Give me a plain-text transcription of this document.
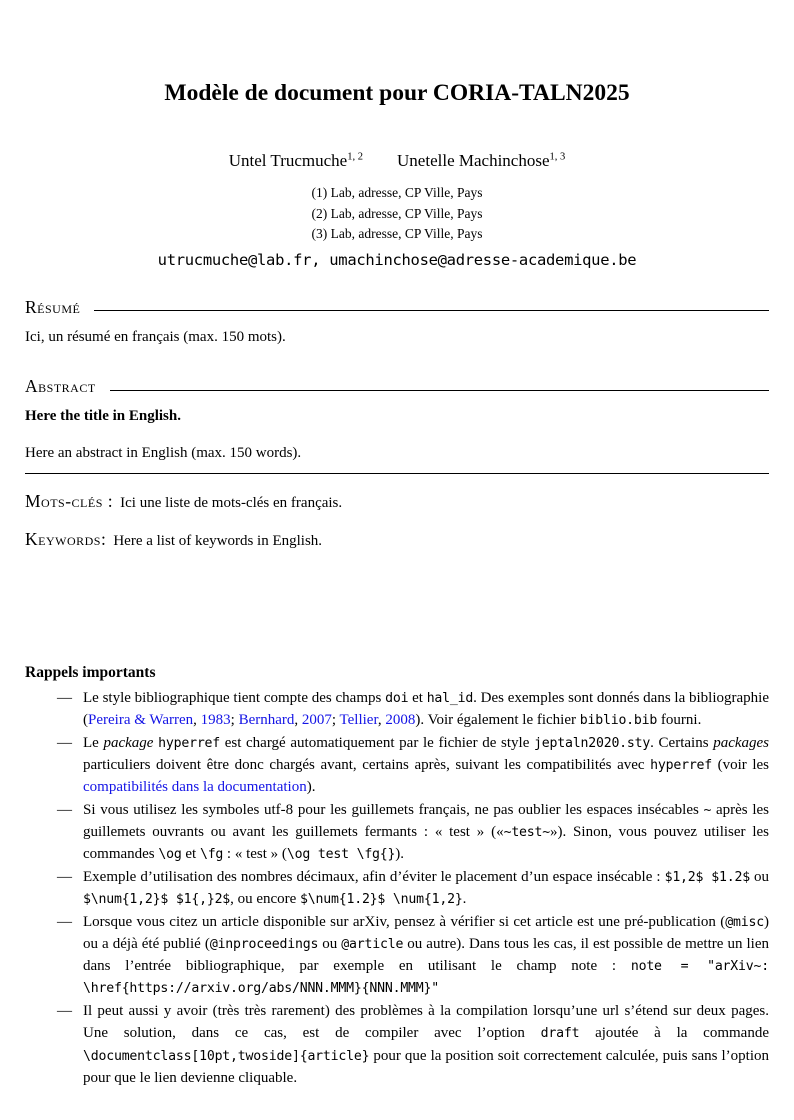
Modèle de document pour CORIA-TALN2025
Untel Trucmuche$^{1, 2}$ Unetelle Machinchose$^{1, 3}$
(1) Lab, adresse, CP Ville, Pays
(2) Lab, adresse, CP Ville, Pays
(3) Lab, adresse, CP Ville, Pays
utrucmuche@lab.fr, umachinchose@adresse-academique.be
Résumé
Ici, un résumé en français (max. 150 mots).
Abstract
Here the title in English.
Here an abstract in English (max. 150 words).
Mots-clés : Ici une liste de mots-clés en français.
Keywords: Here a list of keywords in English.
Rappels importants
— Le style bibliographique tient compte des champs doi et hal_id. Des exemples sont donnés dans la bibliographie (Pereira & Warren, 1983; Bernhard, 2007; Tellier, 2008). Voir également le fichier biblio.bib fourni.
— Le package hyperref est chargé automatiquement par le fichier de style jeptaln2020.sty. Certains packages particuliers doivent être donc chargés avant, certains après, suivant les compatibilités avec hyperref (voir les compatibilités dans la documentation).
— Si vous utilisez les symboles utf-8 pour les guillemets français, ne pas oublier les espaces insécables ~ après les guillemets ouvrants ou avant les guillemets fermants : « test » («~test~»). Sinon, vous pouvez utiliser les commandes \og et \fg : « test » (\og test \fg{}).
— Exemple d’utilisation des nombres décimaux, afin d’éviter le placement d’un espace insécable : $1,2$ $1.2$ ou $\num{1,2}$ $1{,}2$, ou encore $\num{1.2}$ \num{1,2}.
— Lorsque vous citez un article disponible sur arXiv, pensez à vérifier si cet article est une pré-publication (@misc) ou a déjà été publié (@inproceedings ou @article ou autre). Dans tous les cas, il est possible de mettre un lien dans l’entrée bibliographique, par exemple en utilisant le champ note : note = "arXiv~: \href{https://arxiv.org/abs/NNN.MMM}{NNN.MMM}"
— Il peut aussi y avoir (très très rarement) des problèmes à la compilation lorsqu’une url s’étend sur deux pages. Une solution, dans ce cas, est de compiler avec l’option draft ajoutée à la commande \documentclass[10pt,twoside]{article} pour que la position soit correctement calculée, puis sans l’option pour que le lien devienne cliquable.
